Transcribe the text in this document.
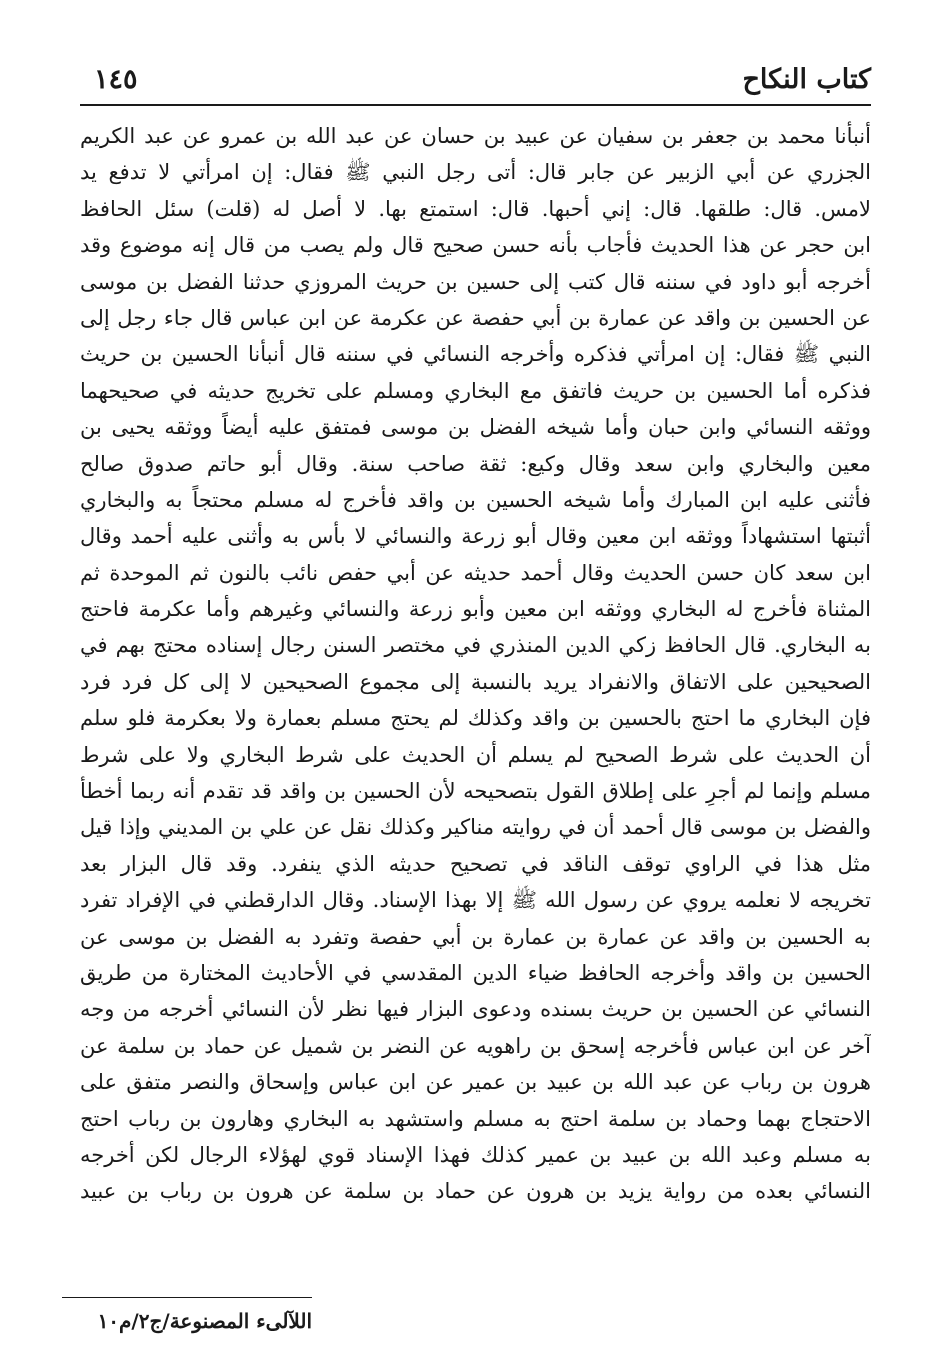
كتاب النكاح
١٤٥
أنبأنا محمد بن جعفر بن سفيان عن عبيد بن حسان عن عبد الله بن عمرو عن عبد الكريم
الجزري عن أبي الزبير عن جابر قال: أتى رجل النبي ﷺ فقال: إن امرأتي لا تدفع يد
لامس. قال: طلقها. قال: إني أحبها. قال: استمتع بها. لا أصل له (قلت) سئل الحافظ
ابن حجر عن هذا الحديث فأجاب بأنه حسن صحيح قال ولم يصب من قال إنه موضوع وقد
أخرجه أبو داود في سننه قال كتب إلى حسين بن حريث المروزي حدثنا الفضل بن موسى
عن الحسين بن واقد عن عمارة بن أبي حفصة عن عكرمة عن ابن عباس قال جاء رجل إلى
النبي ﷺ فقال: إن امرأتي فذكره وأخرجه النسائي في سننه قال أنبأنا الحسين بن حريث
فذكره أما الحسين بن حريث فاتفق مع البخاري ومسلم على تخريج حديثه في صحيحهما
ووثقه النسائي وابن حبان وأما شيخه الفضل بن موسى فمتفق عليه أيضاً ووثقه يحيى بن
معين والبخاري وابن سعد وقال وكيع: ثقة صاحب سنة. وقال أبو حاتم صدوق صالح
فأثنى عليه ابن المبارك وأما شيخه الحسين بن واقد فأخرج له مسلم محتجاً به والبخاري
أثبتها استشهاداً ووثقه ابن معين وقال أبو زرعة والنسائي لا بأس به وأثنى عليه أحمد وقال
ابن سعد كان حسن الحديث وقال أحمد حديثه عن أبي حفص نائب بالنون ثم الموحدة ثم
المثناة فأخرج له البخاري ووثقه ابن معين وأبو زرعة والنسائي وغيرهم وأما عكرمة فاحتج
به البخاري. قال الحافظ زكي الدين المنذري في مختصر السنن رجال إسناده محتج بهم في
الصحيحين على الاتفاق والانفراد يريد بالنسبة إلى مجموع الصحيحين لا إلى كل فرد فرد
فإن البخاري ما احتج بالحسين بن واقد وكذلك لم يحتج مسلم بعمارة ولا بعكرمة فلو سلم
أن الحديث على شرط الصحيح لم يسلم أن الحديث على شرط البخاري ولا على شرط
مسلم وإنما لم أجرِ على إطلاق القول بتصحيحه لأن الحسين بن واقد قد تقدم أنه ربما أخطأ
والفضل بن موسى قال أحمد أن في روايته مناكير وكذلك نقل عن علي بن المديني وإذا قيل
مثل هذا في الراوي توقف الناقد في تصحيح حديثه الذي ينفرد. وقد قال البزار بعد
تخريجه لا نعلمه يروي عن رسول الله ﷺ إلا بهذا الإسناد. وقال الدارقطني في الإفراد تفرد
به الحسين بن واقد عن عمارة بن عمارة بن أبي حفصة وتفرد به الفضل بن موسى عن
الحسين بن واقد وأخرجه الحافظ ضياء الدين المقدسي في الأحاديث المختارة من طريق
النسائي عن الحسين بن حريث بسنده ودعوى البزار فيها نظر لأن النسائي أخرجه من وجه
آخر عن ابن عباس فأخرجه إسحق بن راهويه عن النضر بن شميل عن حماد بن سلمة عن
هرون بن رباب عن عبد الله بن عبيد بن عمير عن ابن عباس وإسحاق والنصر متفق على
الاحتجاج بهما وحماد بن سلمة احتج به مسلم واستشهد به البخاري وهارون بن رباب احتج
به مسلم وعبد الله بن عبيد بن عمير كذلك فهذا الإسناد قوي لهؤلاء الرجال لكن أخرجه
النسائي بعده من رواية يزيد بن هرون عن حماد بن سلمة عن هرون بن رباب بن عبيد
اللآلىء المصنوعة/ج٢/م١٠
